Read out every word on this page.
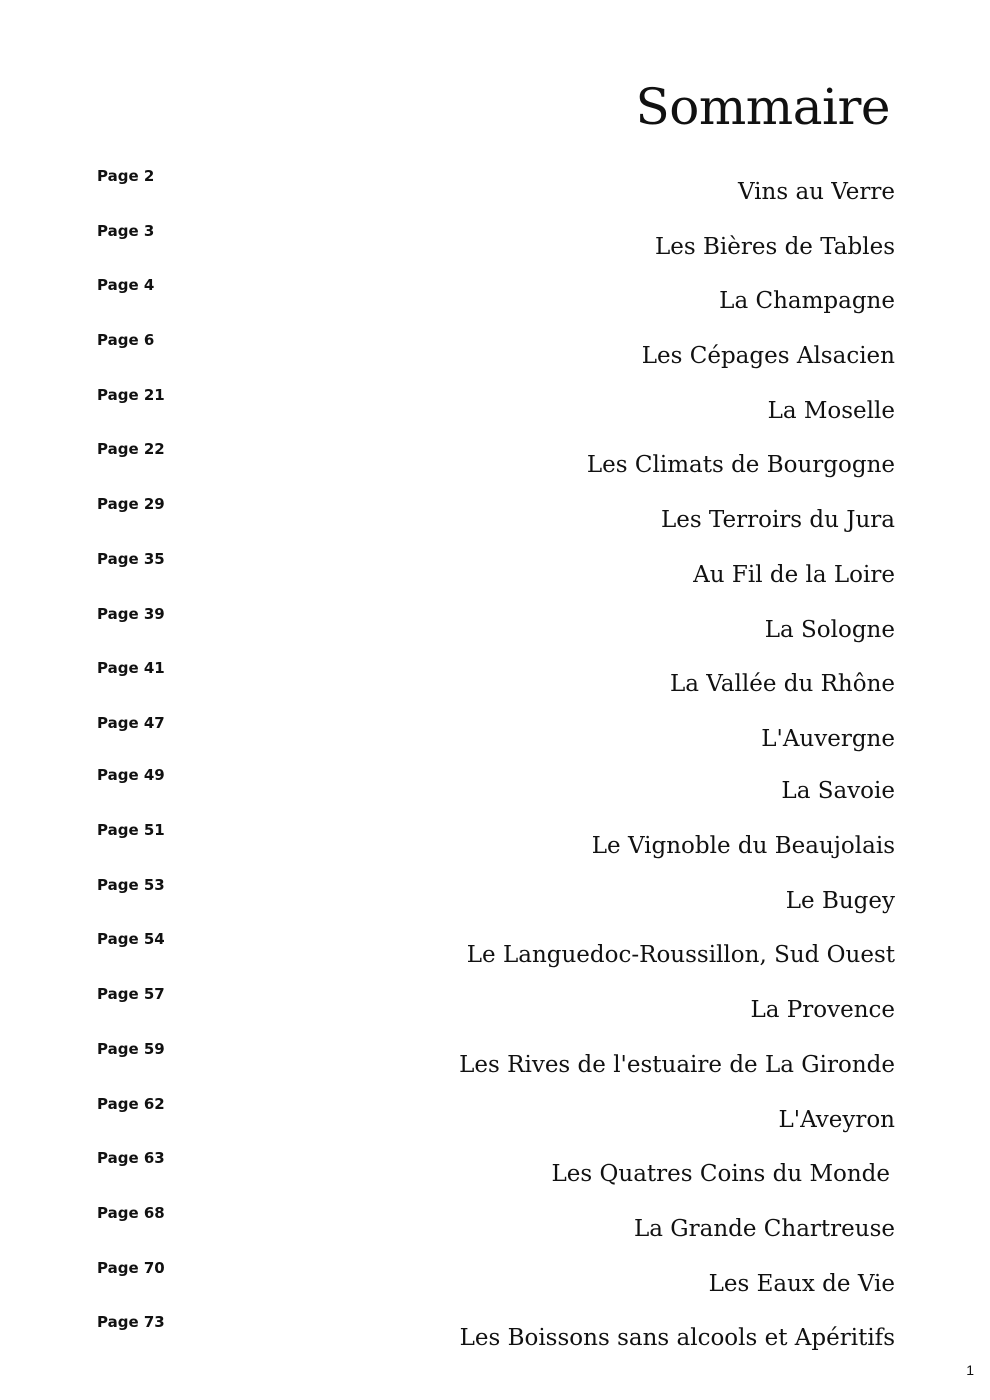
Sommaire
Page 2
Vins au Verre
Page 3
Les Bières de Tables
Page 4
La Champagne
Page 6
Les Cépages Alsacien
Page 21
La Moselle
Page 22
Les Climats de Bourgogne
Page 29
Les Terroirs du Jura
Page 35
Au Fil de la Loire
Page 39
La Sologne
Page 41
La Vallée du Rhône
Page 47
L'Auvergne
Page 49
La Savoie
Page 51
Le Vignoble du Beaujolais
Page 53
Le Bugey
Page 54
Le Languedoc-Roussillon, Sud Ouest
Page 57
La Provence
Page 59
Les Rives de l'estuaire de La Gironde
Page 62
L'Aveyron
Page 63
Les Quatres Coins du Monde
Page 68
La Grande Chartreuse
Page 70
Les Eaux de Vie
Page 73
Les Boissons sans alcools et Apéritifs
1
